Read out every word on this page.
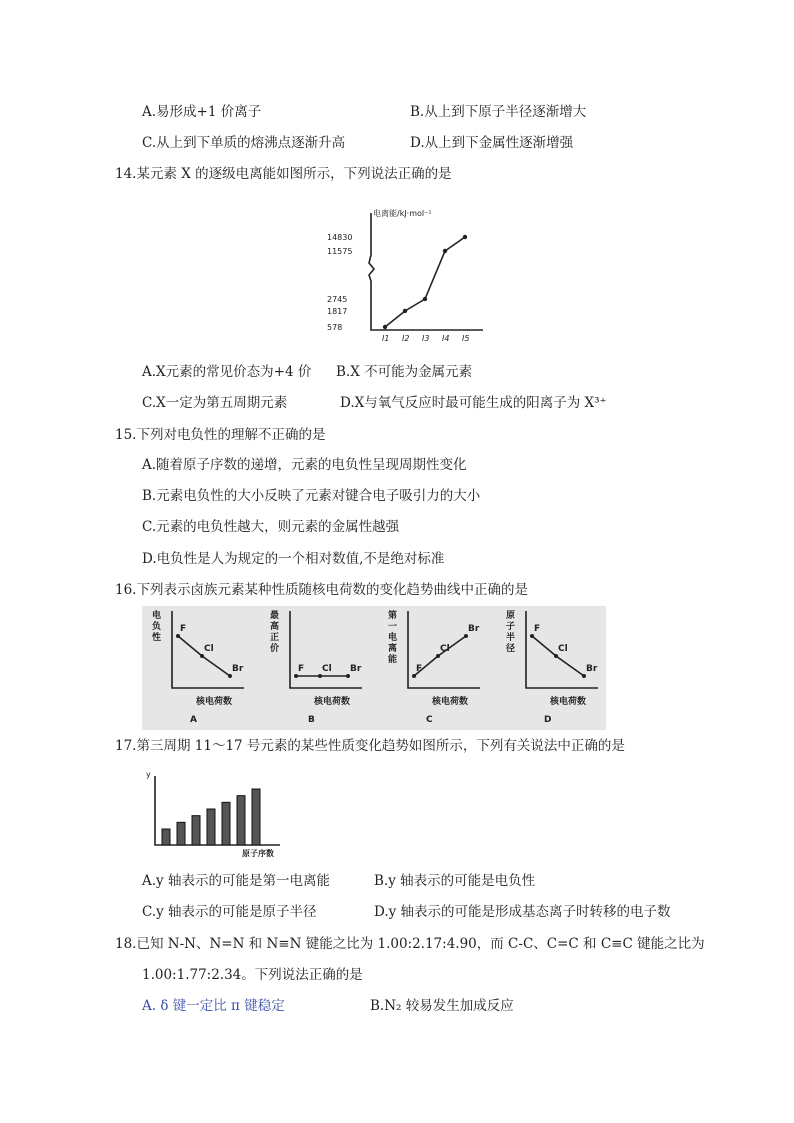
A.易形成+1 价离子	B.从上到下原子半径逐渐增大
C.从上到下单质的熔沸点逐渐升高	D.从上到下金属性逐渐增强
14.某元素 X 的逐级电离能如图所示，下列说法正确的是
电离能/kJ·mol⁻¹
578
I1
1817
I2
2745
I3
11575
I4
14830
I5
A.X元素的常见价态为+4 价 B.X 不可能为金属元素
C.X一定为第五周期元素	D.X与氧气反应时最可能生成的阳离子为 X³⁺
15.下列对电负性的理解不正确的是
A.随着原子序数的递增，元素的电负性呈现周期性变化
B.元素电负性的大小反映了元素对键合电子吸引力的大小
C.元素的电负性越大，则元素的金属性越强
D.电负性是人为规定的一个相对数值,不是绝对标准
16.下列表示卤族元素某种性质随核电荷数的变化趋势曲线中正确的是
电
负
性
核电荷数
A
F
Cl
Br
最
高
正
价
核电荷数
B
F Cl Br
第
一
电
离
能
核电荷数
C
F
Cl
Br
原
子
半
径
核电荷数
D
F
Cl
Br
17.第三周期 11～17 号元素的某些性质变化趋势如图所示，下列有关说法中正确的是
y
原子序数
A.y 轴表示的可能是第一电离能	B.y 轴表示的可能是电负性
C.y 轴表示的可能是原子半径	D.y 轴表示的可能是形成基态离子时转移的电子数
18.已知 N-N、N=N 和 N≡N 键能之比为 1.00:2.17:4.90，而 C-C、C=C 和 C≡C 键能之比为
1.00:1.77:2.34。下列说法正确的是
A. δ 键一定比 π 键稳定	B.N₂ 较易发生加成反应
